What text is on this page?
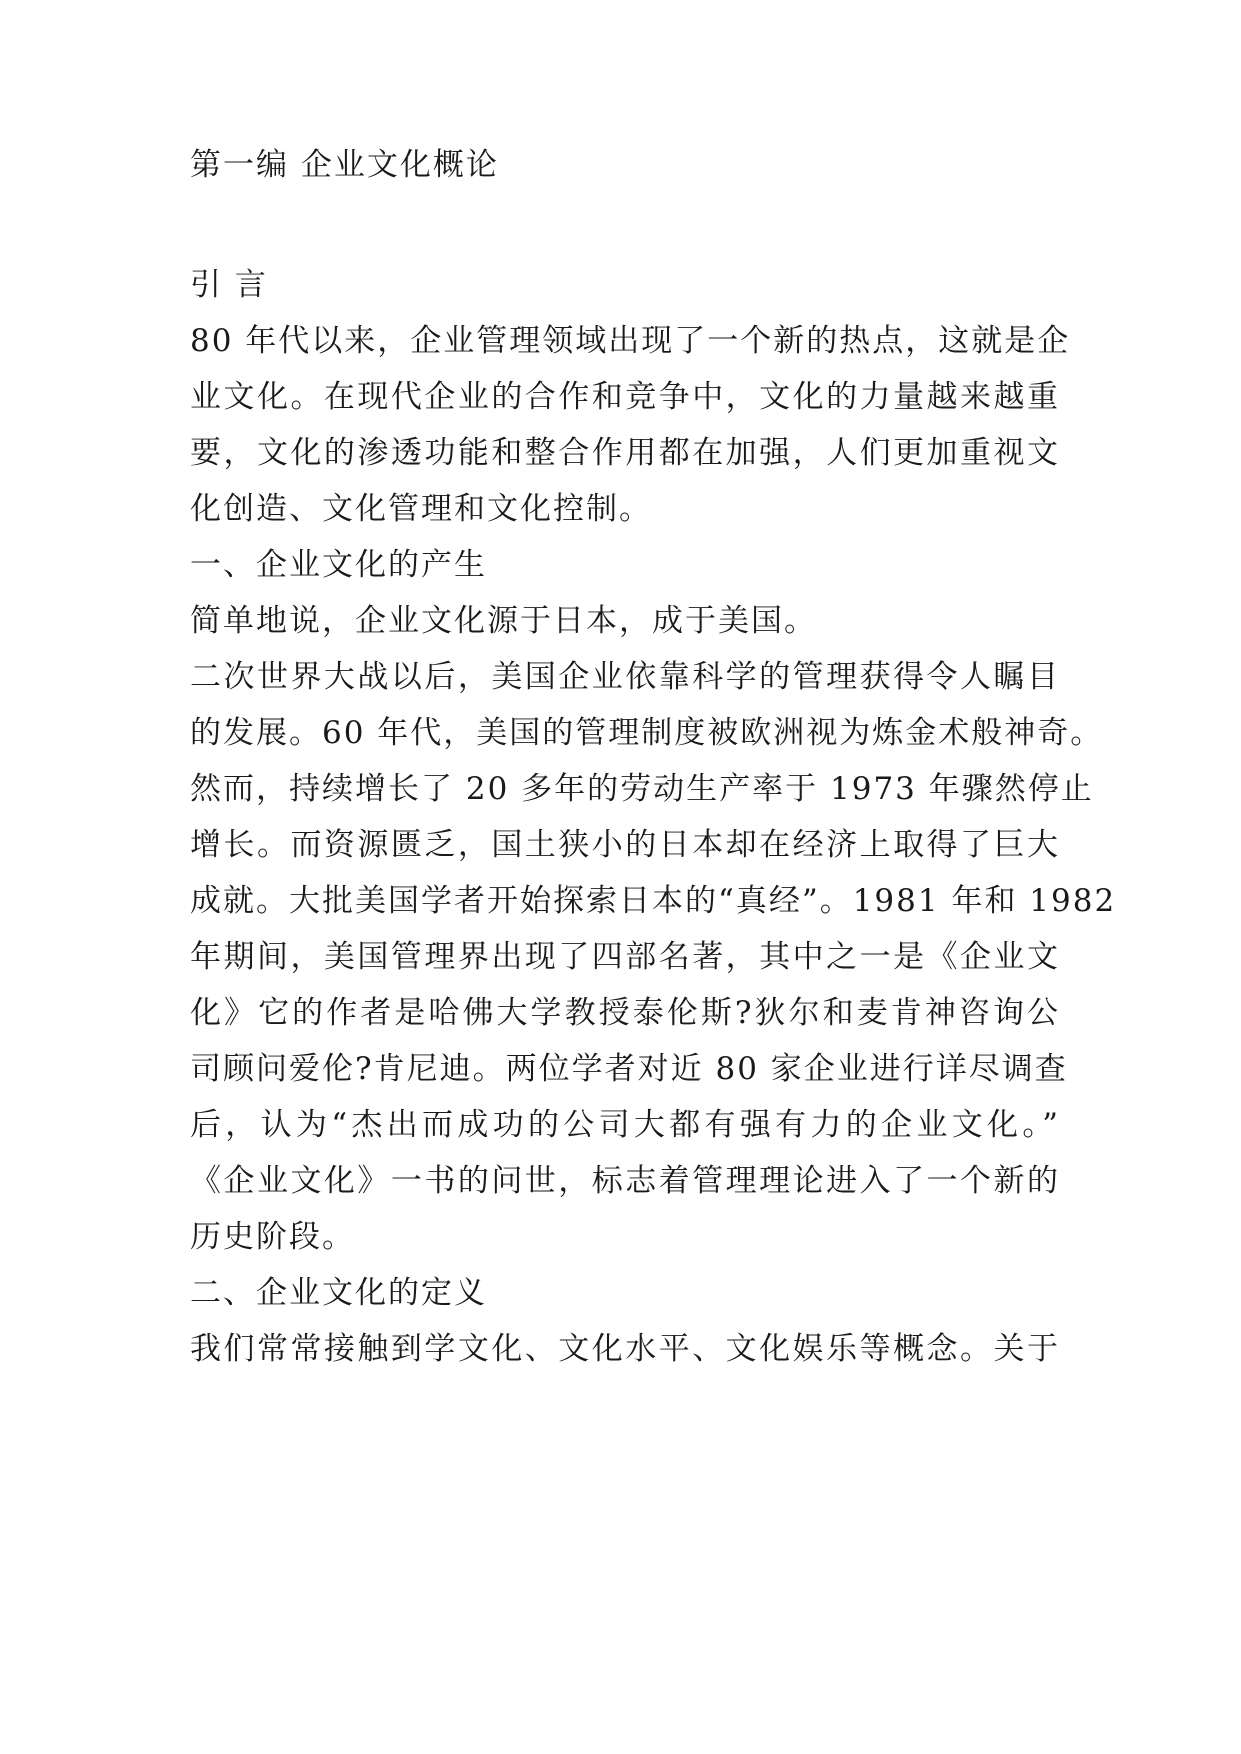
第一编 企业文化概论
引 言
80 年代以来，企业管理领域出现了一个新的热点，这就是企
业文化。在现代企业的合作和竞争中，文化的力量越来越重
要，文化的渗透功能和整合作用都在加强，人们更加重视文
化创造、文化管理和文化控制。
一、企业文化的产生
简单地说，企业文化源于日本，成于美国。
二次世界大战以后，美国企业依靠科学的管理获得令人瞩目
的发展。60 年代，美国的管理制度被欧洲视为炼金术般神奇。
然而，持续增长了 20 多年的劳动生产率于 1973 年骤然停止
增长。而资源匮乏，国土狭小的日本却在经济上取得了巨大
成就。大批美国学者开始探索日本的“真经”。1981 年和 1982
年期间，美国管理界出现了四部名著，其中之一是《企业文
化》它的作者是哈佛大学教授泰伦斯?狄尔和麦肯神咨询公
司顾问爱伦?肯尼迪。两位学者对近 80 家企业进行详尽调查
后，认为“杰出而成功的公司大都有强有力的企业文化。”
《企业文化》一书的问世，标志着管理理论进入了一个新的
历史阶段。
二、企业文化的定义
我们常常接触到学文化、文化水平、文化娱乐等概念。关于
